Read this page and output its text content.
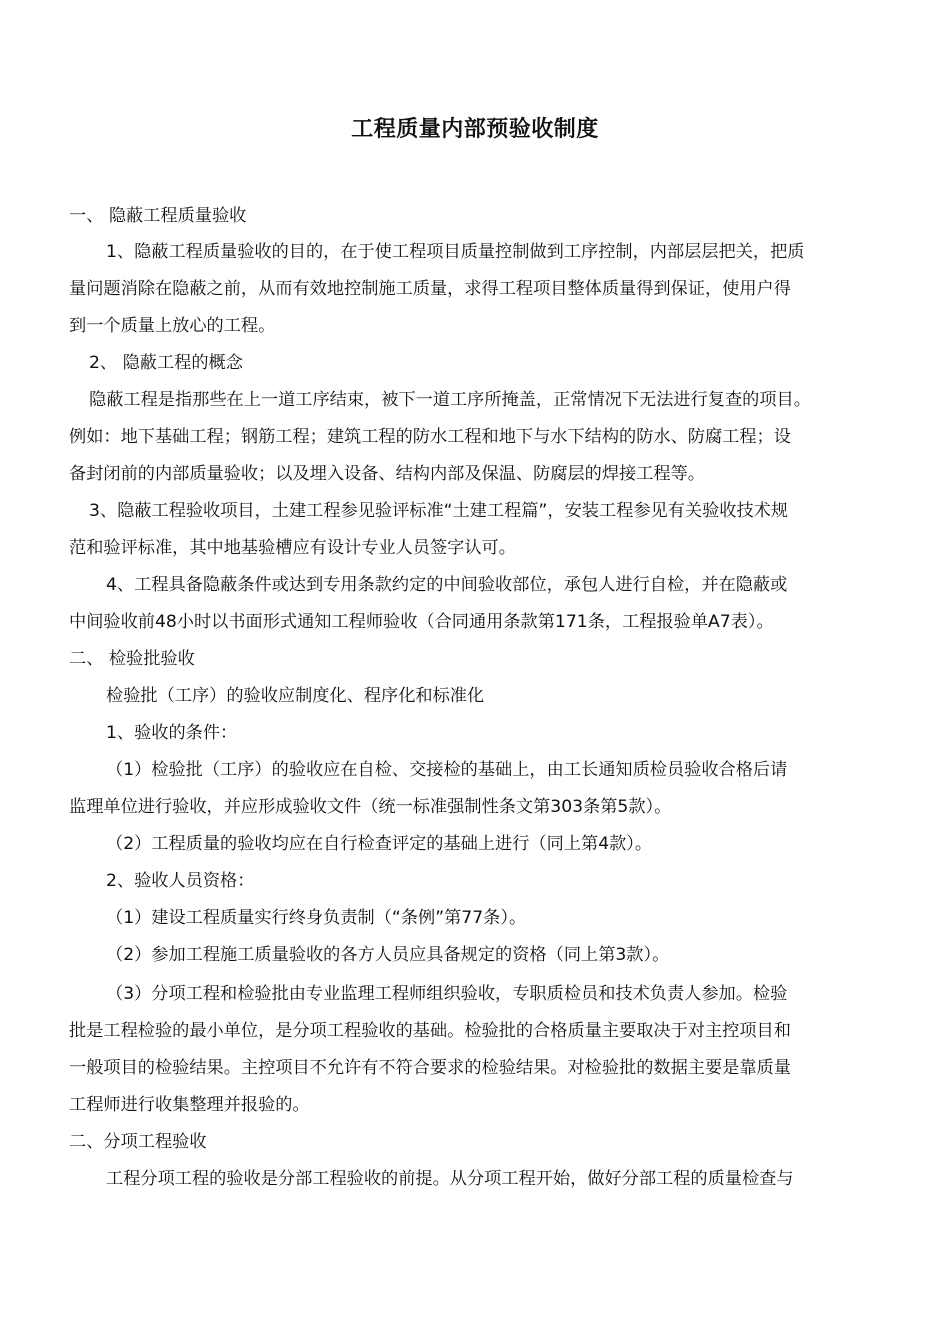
工程质量内部预验收制度
一、 隐蔽工程质量验收
1、隐蔽工程质量验收的目的，在于使工程项目质量控制做到工序控制，内部层层把关，把质
量问题消除在隐蔽之前，从而有效地控制施工质量，求得工程项目整体质量得到保证，使用户得
到一个质量上放心的工程。
2、 隐蔽工程的概念
隐蔽工程是指那些在上一道工序结束，被下一道工序所掩盖，正常情况下无法进行复查的项目。
例如：地下基础工程；钢筋工程；建筑工程的防水工程和地下与水下结构的防水、防腐工程；设
备封闭前的内部质量验收；以及埋入设备、结构内部及保温、防腐层的焊接工程等。
3、隐蔽工程验收项目，土建工程参见验评标准“土建工程篇”，安装工程参见有关验收技术规
范和验评标准，其中地基验槽应有设计专业人员签字认可。
4、工程具备隐蔽条件或达到专用条款约定的中间验收部位，承包人进行自检，并在隐蔽或
中间验收前48小时以书面形式通知工程师验收（合同通用条款第171条，工程报验单A7表）。
二、 检验批验收
检验批（工序）的验收应制度化、程序化和标准化
1、验收的条件：
（1）检验批（工序）的验收应在自检、交接检的基础上，由工长通知质检员验收合格后请
监理单位进行验收，并应形成验收文件（统一标准强制性条文第303条第5款）。
（2）工程质量的验收均应在自行检查评定的基础上进行（同上第4款）。
2、验收人员资格：
（1）建设工程质量实行终身负责制（“条例”第77条）。
（2）参加工程施工质量验收的各方人员应具备规定的资格（同上第3款）。
（3）分项工程和检验批由专业监理工程师组织验收，专职质检员和技术负责人参加。检验
批是工程检验的最小单位，是分项工程验收的基础。检验批的合格质量主要取决于对主控项目和
一般项目的检验结果。主控项目不允许有不符合要求的检验结果。对检验批的数据主要是靠质量
工程师进行收集整理并报验的。
二、分项工程验收
工程分项工程的验收是分部工程验收的前提。从分项工程开始，做好分部工程的质量检查与
